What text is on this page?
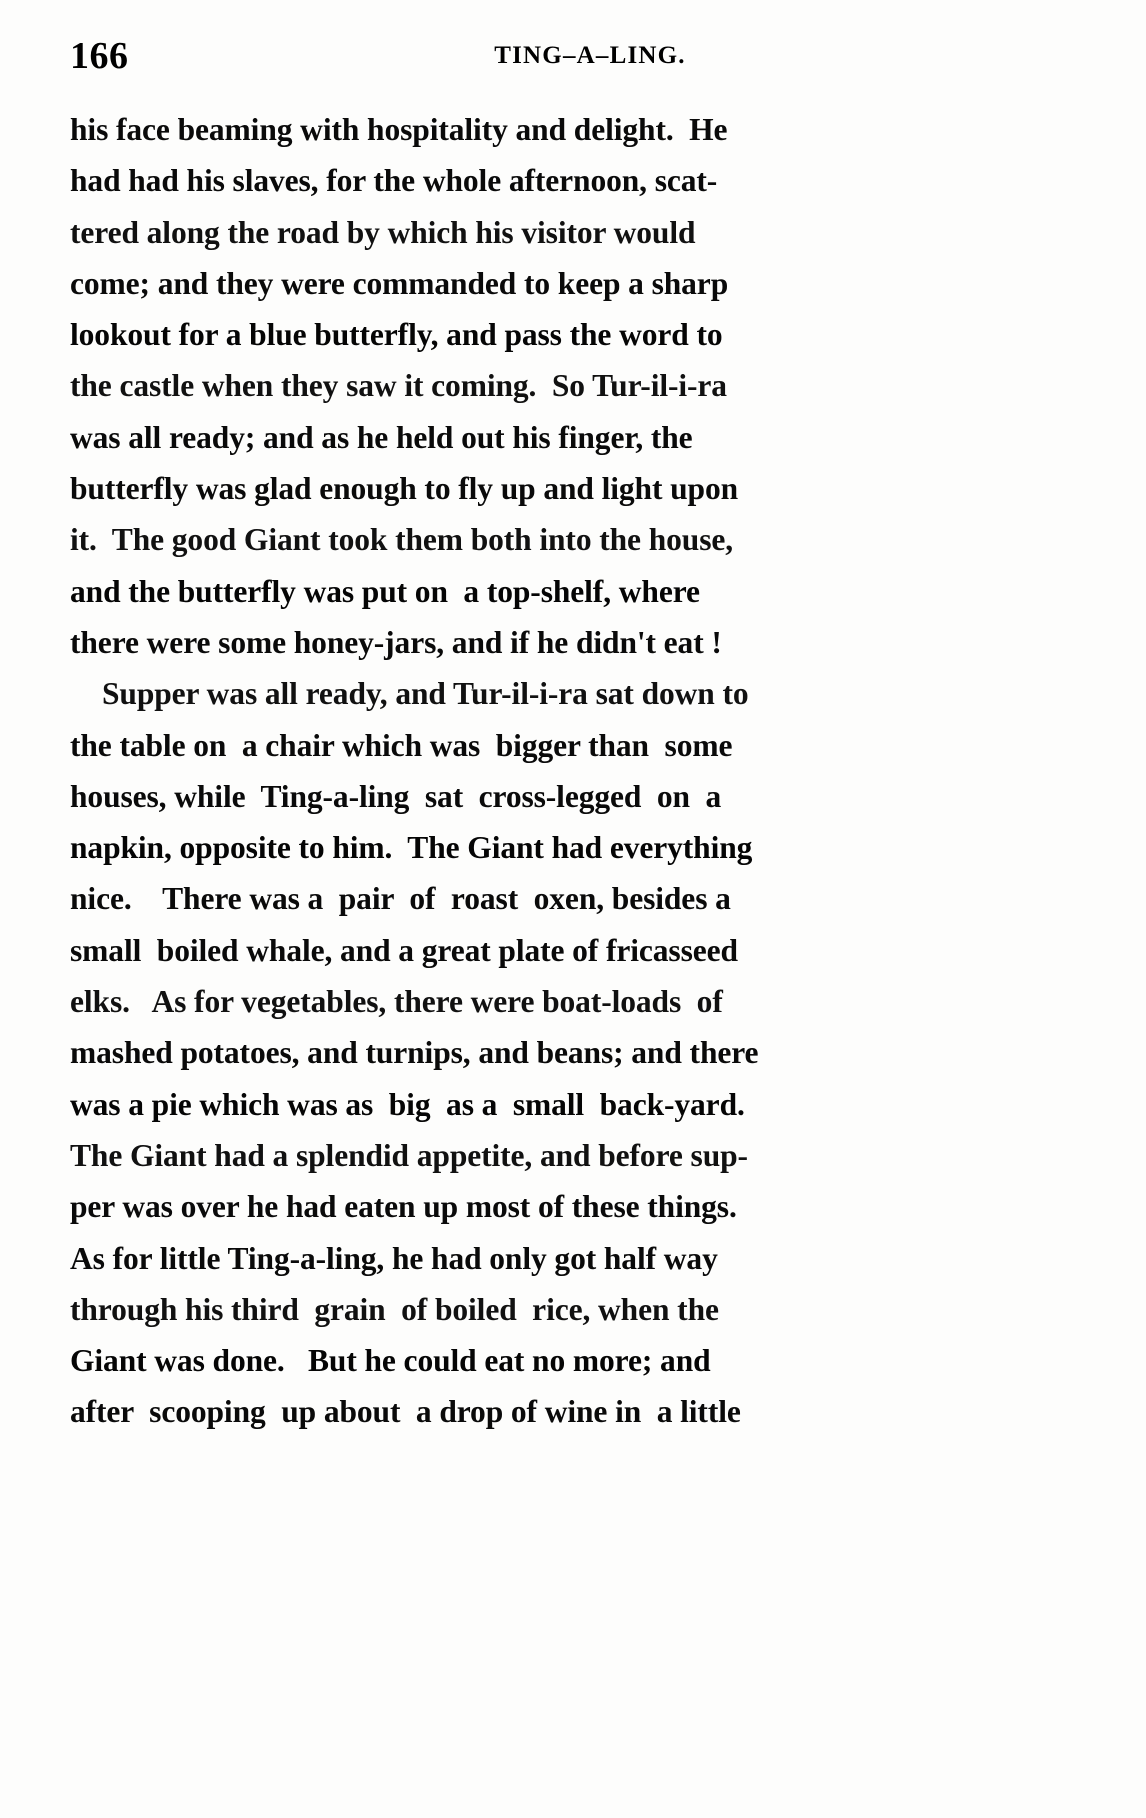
166	TING–A–LING.
his face beaming with hospitality and delight.  He
had had his slaves, for the whole afternoon, scat-
tered along the road by which his visitor would
come; and they were commanded to keep a sharp
lookout for a blue butterfly, and pass the word to
the castle when they saw it coming.  So Tur-il-i-ra
was all ready; and as he held out his finger, the
butterfly was glad enough to fly up and light upon
it.  The good Giant took them both into the house,
and the butterfly was put on  a top-shelf, where
there were some honey-jars, and if he didn't eat !
Supper was all ready, and Tur-il-i-ra sat down to
the table on  a chair which was  bigger than  some
houses, while  Ting-a-ling  sat  cross-legged  on  a
napkin, opposite to him.  The Giant had everything
nice.    There was a  pair  of  roast  oxen, besides a
small  boiled whale, and a great plate of fricasseed
elks.   As for vegetables, there were boat-loads  of
mashed potatoes, and turnips, and beans; and there
was a pie which was as  big  as a  small  back-yard.
The Giant had a splendid appetite, and before sup-
per was over he had eaten up most of these things.
As for little Ting-a-ling, he had only got half way
through his third  grain  of boiled  rice, when the
Giant was done.   But he could eat no more; and
after  scooping  up about  a drop of wine in  a little
